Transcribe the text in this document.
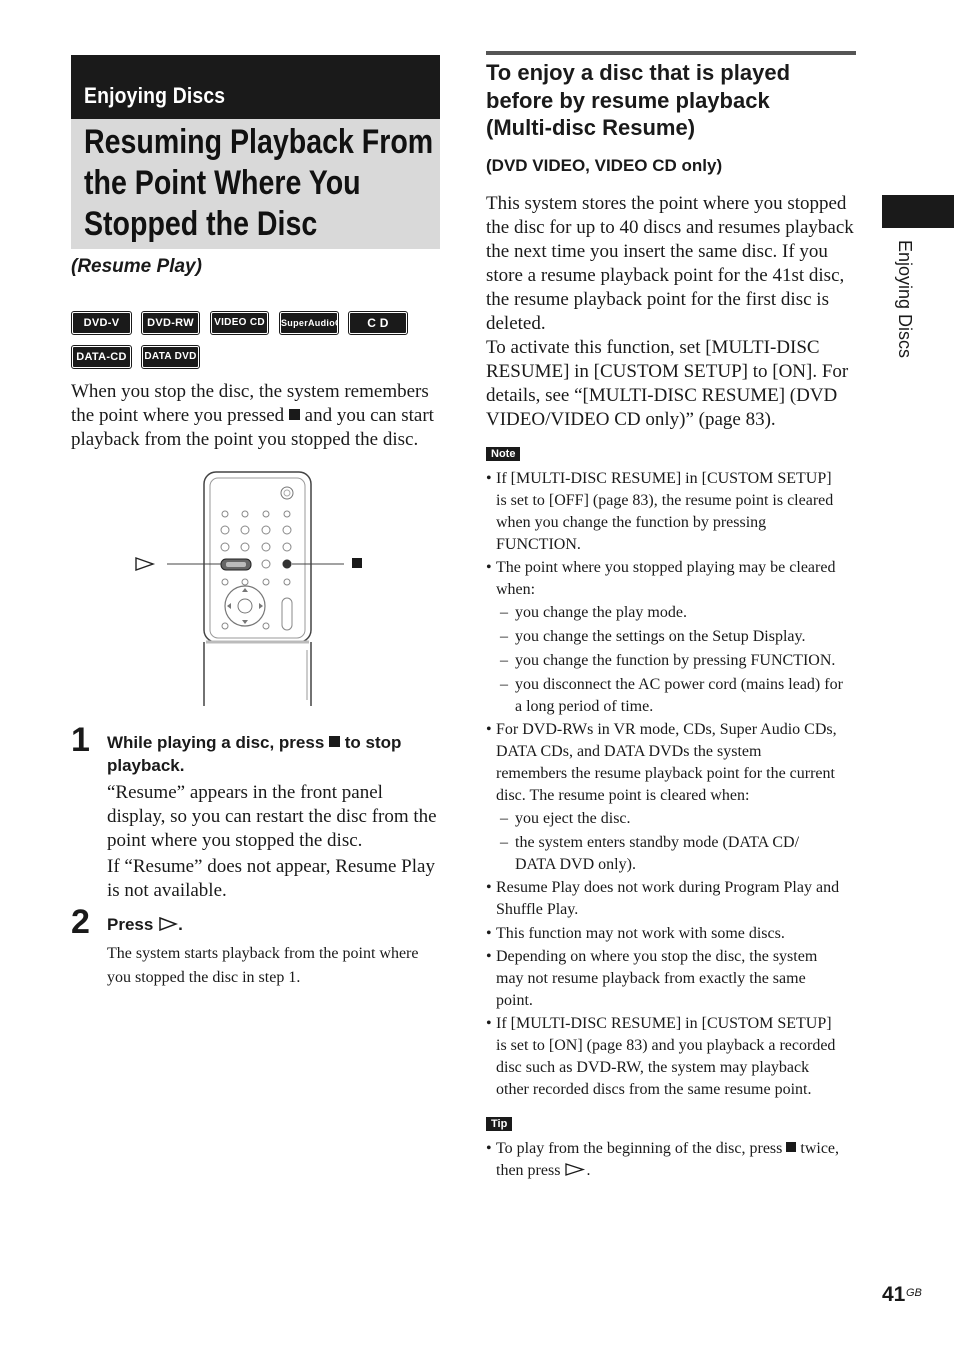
Enjoying Discs
Resuming Playback From
the Point Where You
Stopped the Disc
(Resume Play)
DVD-V	DVD-RW	VIDEO CD SuperAudioCD	C D
DATA-CD	DATA DVD
When you stop the disc, the system remembers
the point where you pressed and you can start
playback from the point you stopped the disc.
1 While playing a disc, press to stop
playback.
“Resume” appears in the front panel
display, so you can restart the disc from the
point where you stopped the disc.
If “Resume” does not appear, Resume Play
is not available.
2 Press .
The system starts playback from the point where
you stopped the disc in step 1.
To enjoy a disc that is played
before by resume playback
(Multi-disc Resume)
(DVD VIDEO, VIDEO CD only)
This system stores the point where you stopped
the disc for up to 40 discs and resumes playback
the next time you insert the same disc. If you
store a resume playback point for the 41st disc,
the resume playback point for the first disc is
deleted.
To activate this function, set [MULTI-DISC
RESUME] in [CUSTOM SETUP] to [ON]. For
details, see “[MULTI-DISC RESUME] (DVD
VIDEO/VIDEO CD only)” (page 83).
Note
• If [MULTI-DISC RESUME] in [CUSTOM SETUP]
is set to [OFF] (page 83), the resume point is cleared
when you change the function by pressing
FUNCTION.
• The point where you stopped playing may be cleared
when:
– you change the play mode.
– you change the settings on the Setup Display.
– you change the function by pressing FUNCTION.
– you disconnect the AC power cord (mains lead) for
a long period of time.
• For DVD-RWs in VR mode, CDs, Super Audio CDs,
DATA CDs, and DATA DVDs the system
remembers the resume playback point for the current
disc. The resume point is cleared when:
– you eject the disc.
– the system enters standby mode (DATA CD/
DATA DVD only).
• Resume Play does not work during Program Play and
Shuffle Play.
• This function may not work with some discs.
• Depending on where you stop the disc, the system
may not resume playback from exactly the same
point.
• If [MULTI-DISC RESUME] in [CUSTOM SETUP]
is set to [ON] (page 83) and you playback a recorded
disc such as DVD-RW, the system may playback
other recorded discs from the same resume point.
Tip
• To play from the beginning of the disc, press twice,
then press .
Enjoying Discs
41 GB
